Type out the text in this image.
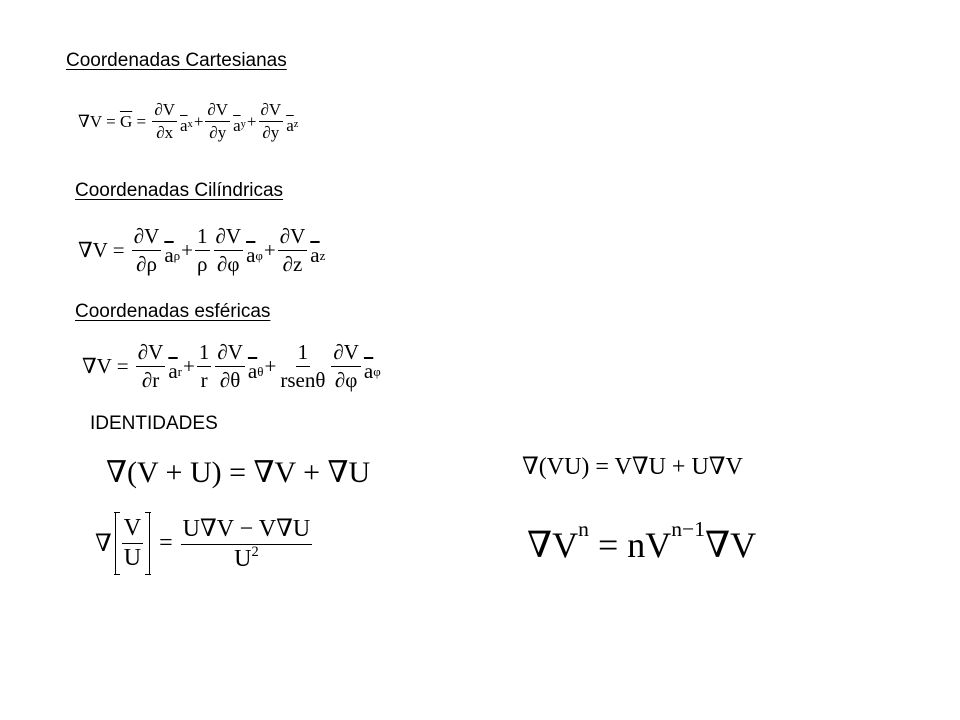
Coordenadas Cartesianas
Coordenadas Cilíndricas
Coordenadas esféricas
IDENTIDADES
$\nabla V = \overline{G} = \frac{\partial V}{\partial x} \overline{a}$ $x + \frac{\partial V}{\partial y} \overline{a}$ $y + \frac{\partial V}{\partial y} \overline{a}$ z
$\nabla V = \frac{\partial V}{\partial\rho} \overline{a}$ $\rho + \frac{1}{\rho} \frac{\partial V}{\partial\varphi} \overline{a}$ $\varphi + \frac{\partial V}{\partial z} \overline{a}$ z
$\nabla V = \frac{\partial V}{\partial r} \overline{a}$ $r + \frac{1}{r} \frac{\partial V}{\partial\theta} \overline{a}$ $\theta + \frac{1}{\text{rsenθ}} \frac{\partial V}{\partial\varphi} \overline{a}$ φ
∇(V + U) = ∇V + ∇U	∇(VU) = V∇U + U∇V
∇ $\frac{V}{U} = \frac{U\nabla V - V\nabla U}{U^2}$	∇V n = nV n−1 ∇V
